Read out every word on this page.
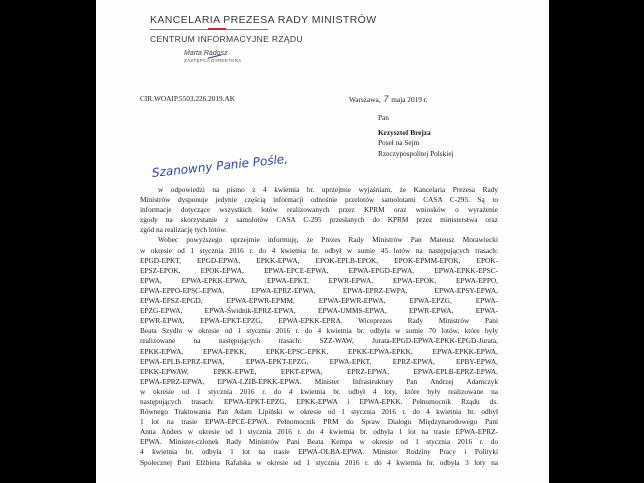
KANCELARIA PREZESA RADY MINISTRÓW
CENTRUM INFORMACYJNE RZĄDU
Marta Radosz
ZASTĘPCA DYREKTORA
CIR.WOAIP.5503.226.2019.AK	Warszawa, 7 maja 2019 r.
Pan
Krzysztof Brejza
Poseł na Sejm
Rzeczypospolitej Polskiej
Szanowny Panie Pośle,
w odpowiedzi na pismo z 4 kwietnia br. uprzejmie wyjaśniam, że Kancelaria Prezesa Rady
Ministrów dysponuje jedynie częścią informacji odnośnie przelotów samolotami CASA C-295. Są to
informacje dotyczące wszystkich lotów realizowanych przez KPRM oraz wniosków o wyrażenie
zgody na skorzystanie z samolotów CASA C-295 przesłanych do KPRM przez ministerstwa oraz
zgód na realizację tych lotów.
Wobec powyższego uprzejmie informuję, że Prezes Rady Ministrów Pan Mateusz Morawiecki
w okresie od 1 stycznia 2016 r. do 4 kwietnia br. odbył w sumie 45 lotów na następujących trasach:
EPGD-EPKT, EPGD-EPWA, EPKK-EPWA, EPOK-EPLB-EPOK, EPOK-EPMM-EPOK, EPOK-
EPSZ-EPOK, EPOK-EPWA, EPWA-EPCE-EPWA, EPWA-EPGD-EPWA, EPWA-EPKK-EPSC-
EPWA, EPWA-EPKK-EPWA, EPWA-EPKT, EPWR-EPWA, EPWA-EPOK, EPWA-EPPO,
EPWA-EPPO-EPSC-EPWA, EPWA-EPRZ-EPWA, EPWA-EPRZ-EWPA, EPWA-EPSY-EPWA,
EPWA-EPSZ-EPGD, EPWA-EPWR-EPMM, EPWA-EPWR-EPWA, EPWA-EPZG, EPWA-
EPZG-EPWA, EPWA-Świdnik-EPRZ-EPWA, EPWA-UMMS-EPWA, EPWR-EPWA, EPWA-
EPWR-EPWA, EPWA-EPKT-EPZG, EPWA-EPKK-EPRA. Wiceprezes Rady Ministrów Pani
Beata Szydło w okresie od 1 stycznia 2016 r. do 4 kwietnia br. odbyła w sumie 70 lotów, które były
realizowane na następujących trasach: SZZ-WAW, Jurata-EPGD-EPWA-EPKK-EPGD-Jurata,
EPKK-EPWA, EPWA-EPKK, EPKK-EPSC-EPKK, EPKK-EPWA-EPKK, EPWA-EPKK-EPWA,
EPWA-EPLB-EPRZ-EPWA, EPWA-EPKT-EPZG, EPWA-EPKT, EPRZ-EPWA, EPBY-EPWA,
EPKK-EPWAW, EPKK-EPWE, EPKT-EPWA, EPRZ-EPWA, EPWA-EPLB-EPRZ-EPWA,
EPWA-EPRZ-EPWA, EPWA-LZIB-EPKK-EPWA. Minister Infrastruktury Pan Andrzej Adamczyk
w okresie od 1 stycznia 2016 r. do 4 kwietnia br. odbył 4 loty, które były realizowane na
następujących trasach: EPWA-EPKT-EPZG, EPKK-EPWA i EPWA-EPKK. Pełnomocnik Rządu ds.
Równego Traktowania Pan Adam Lipiński w okresie od 1 stycznia 2016 r. do 4 kwietnia br. odbył
1 lot na trasie EPWA-EPCE-EPWA. Pełnomocnik PRM do Spraw Dialogu Międzynarodowego Pani
Anna Anders w okresie od 1 stycznia 2016 r. do 4 kwietnia br. odbyła 1 lot na trasie EPWA-EPRZ-
EPWA. Minister-członek Rady Ministrów Pani Beata Kempa w okresie od 1 stycznia 2016 r. do
4 kwietnia br. odbyła 1 lot na trasie EPWA-OLBA-EPWA. Minister Rodziny Pracy i Polityki
Społecznej Pani Elżbieta Rafalska w okresie od 1 stycznia 2016 r. do 4 kwietnia br. odbyła 3 loty na
